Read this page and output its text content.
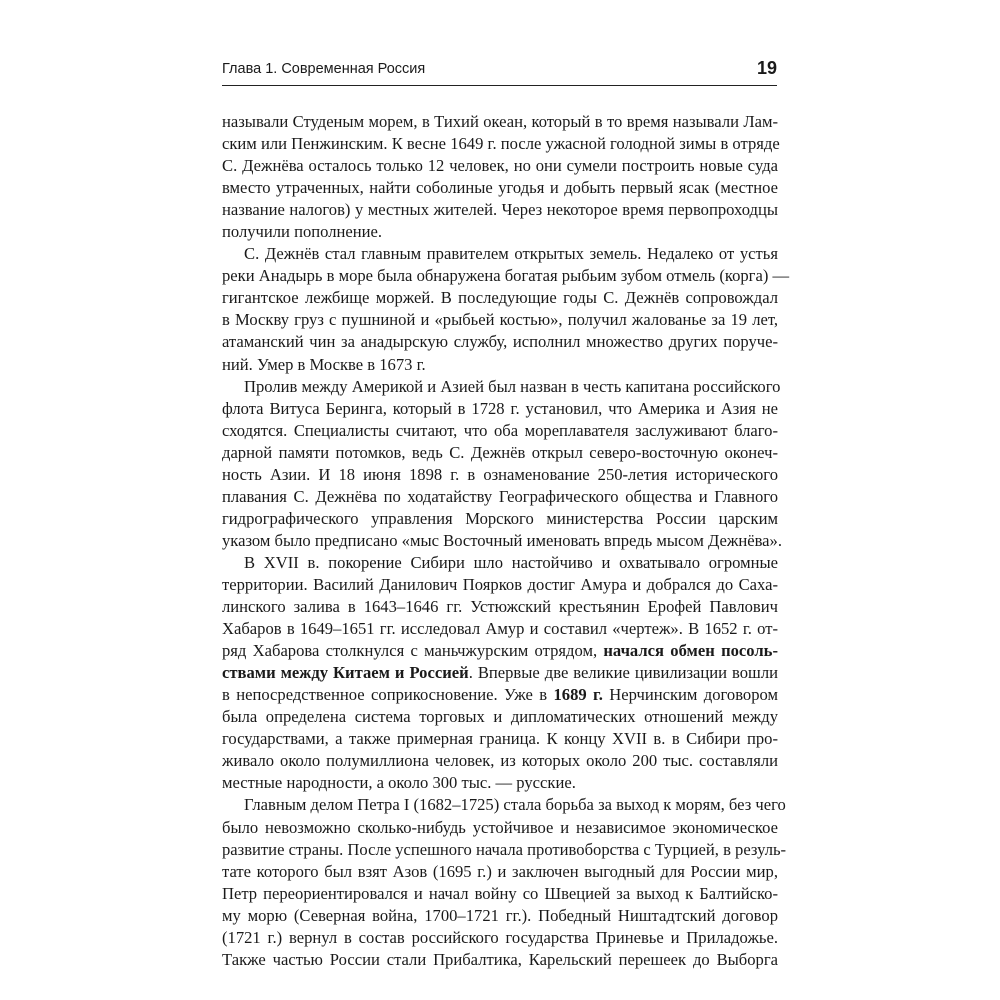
Глава 1. Современная Россия	19
называли Студеным морем, в Тихий океан, который в то время называли Лам-
ским или Пенжинским. К весне 1649 г. после ужасной голодной зимы в отряде
С. Дежнёва осталось только 12 человек, но они сумели построить новые суда
вместо утраченных, найти соболиные угодья и добыть первый ясак (местное
название налогов) у местных жителей. Через некоторое время первопроходцы
получили пополнение.
С. Дежнёв стал главным правителем открытых земель. Недалеко от устья
реки Анадырь в море была обнаружена богатая рыбьим зубом отмель (корга) —
гигантское лежбище моржей. В последующие годы С. Дежнёв сопровождал
в Москву груз с пушниной и «рыбьей костью», получил жалованье за 19 лет,
атаманский чин за анадырскую службу, исполнил множество других поруче-
ний. Умер в Москве в 1673 г.
Пролив между Америкой и Азией был назван в честь капитана российского
флота Витуса Беринга, который в 1728 г. установил, что Америка и Азия не
сходятся. Специалисты считают, что оба мореплавателя заслуживают благо-
дарной памяти потомков, ведь С. Дежнёв открыл северо-восточную оконеч-
ность Азии. И 18 июня 1898 г. в ознаменование 250-летия исторического
плавания С. Дежнёва по ходатайству Географического общества и Главного
гидрографического управления Морского министерства России царским
указом было предписано «мыс Восточный именовать впредь мысом Дежнёва».
В XVII в. покорение Сибири шло настойчиво и охватывало огромные
территории. Василий Данилович Поярков достиг Амура и добрался до Саха-
линского залива в 1643–1646 гг. Устюжский крестьянин Ерофей Павлович
Хабаров в 1649–1651 гг. исследовал Амур и составил «чертеж». В 1652 г. от-
ряд Хабарова столкнулся с маньчжурским отрядом, начался обмен посоль-
ствами между Китаем и Россией. Впервые две великие цивилизации вошли
в непосредственное соприкосновение. Уже в 1689 г. Нерчинским договором
была определена система торговых и дипломатических отношений между
государствами, а также примерная граница. К концу XVII в. в Сибири про-
живало около полумиллиона человек, из которых около 200 тыс. составляли
местные народности, а около 300 тыс. — русские.
Главным делом Петра I (1682–1725) стала борьба за выход к морям, без чего
было невозможно сколько-нибудь устойчивое и независимое экономическое
развитие страны. После успешного начала противоборства с Турцией, в резуль-
тате которого был взят Азов (1695 г.) и заключен выгодный для России мир,
Петр переориентировался и начал войну со Швецией за выход к Балтийско-
му морю (Северная война, 1700–1721 гг.). Победный Ништадтский договор
(1721 г.) вернул в состав российского государства Приневье и Приладожье.
Также частью России стали Прибалтика, Карельский перешеек до Выборга
